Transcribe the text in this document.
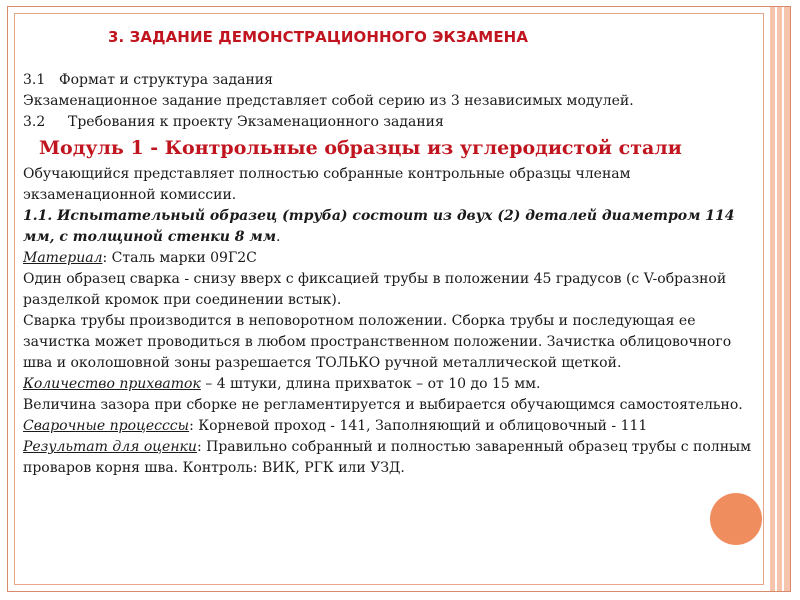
3. ЗАДАНИЕ ДЕМОНСТРАЦИОННОГО ЭКЗАМЕНА

3.1 Формат и структура задания

Экзаменационное задание представляет собой серию из 3 независимых модулей.

3.2 Требования к проекту Экзаменационного задания

Модуль 1 - Контрольные образцы из углеродистой стали

Обучающийся представляет полностью собранные контрольные образцы членам экзаменационной комиссии.

1.1. Испытательный образец (труба) состоит из двух (2) деталей диаметром 114 мм, с толщиной стенки 8 мм.

Материал: Сталь марки 09Г2С

Один образец сварка - снизу вверх с фиксацией трубы в положении 45 градусов (с V-образной разделкой кромок при соединении встык).

Сварка трубы производится в неповоротном положении. Сборка трубы и последующая ее зачистка может проводиться в любом пространственном положении. Зачистка облицовочного шва и околошовной зоны разрешается ТОЛЬКО ручной металлической щеткой.

Количество прихваток – 4 штуки, длина прихваток – от 10 до 15 мм.

Величина зазора при сборке не регламентируется и выбирается обучающимся самостоятельно.

Сварочные процесссы: Корневой проход - 141, Заполняющий и облицовочный - 111

Результат для оценки: Правильно собранный и полностью заваренный образец трубы с полным проваров корня шва. Контроль: ВИК, РГК или УЗД.
